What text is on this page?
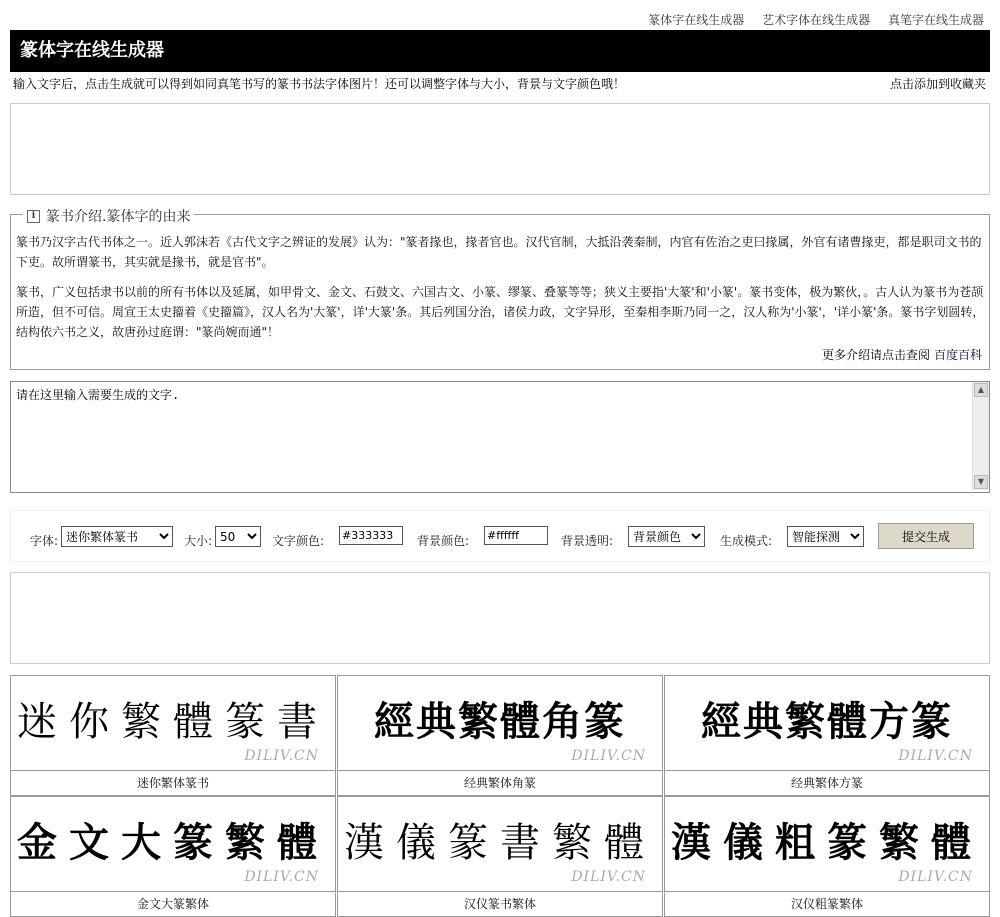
篆体字在线生成器 艺术字体在线生成器 真笔字在线生成器
篆体字在线生成器
输入文字后，点击生成就可以得到如同真笔书写的篆书书法字体图片！还可以调整字体与大小，背景与文字颜色哦！	点击添加到收藏夹
i 篆书介绍.篆体字的由来

篆书乃汉字古代书体之一。近人郭沫若《古代文字之辨证的发展》认为："篆者掾也，掾者官也。汉代官制，大抵沿袭秦制，内官有佐治之吏曰掾属，外官有诸曹掾吏，都是职司文书的下吏。故所谓篆书，其实就是掾书，就是官书"。

篆书，广义包括隶书以前的所有书体以及延属，如甲骨文、金文、石鼓文、六国古文、小篆、缪篆、叠篆等等；狭义主要指'大篆'和'小篆'。篆书变体，极为繁伙，。古人认为篆书为苍颉所造，但不可信。周宣王太史籀着《史籀篇》，汉人名为'大篆'，详'大篆'条。其后列国分治，诸侯力政，文字异形，至秦相李斯乃同一之，汉人称为'小篆'，'详小篆'条。篆书字划圆转，结构依六书之义，故唐孙过庭谓："篆尚婉而通"！

更多介绍请点击查阅 百度百科
请在这里输入需要生成的文字.
▲
▼
字体:
迷你繁体篆书	大小:
50	文字颜色:
#333333	背景颜色:
#ffffff	背景透明:
背景颜色	生成模式:
智能探测	提交生成
迷你繁體篆書
DILIV.CN
迷你繁体篆书
經典繁體角篆
DILIV.CN
经典繁体角篆
經典繁體方篆
DILIV.CN
经典繁体方篆
金文大篆繁體
DILIV.CN
金文大篆繁体
漢儀篆書繁體
DILIV.CN
汉仪篆书繁体
漢儀粗篆繁體
DILIV.CN
汉仪粗篆繁体
